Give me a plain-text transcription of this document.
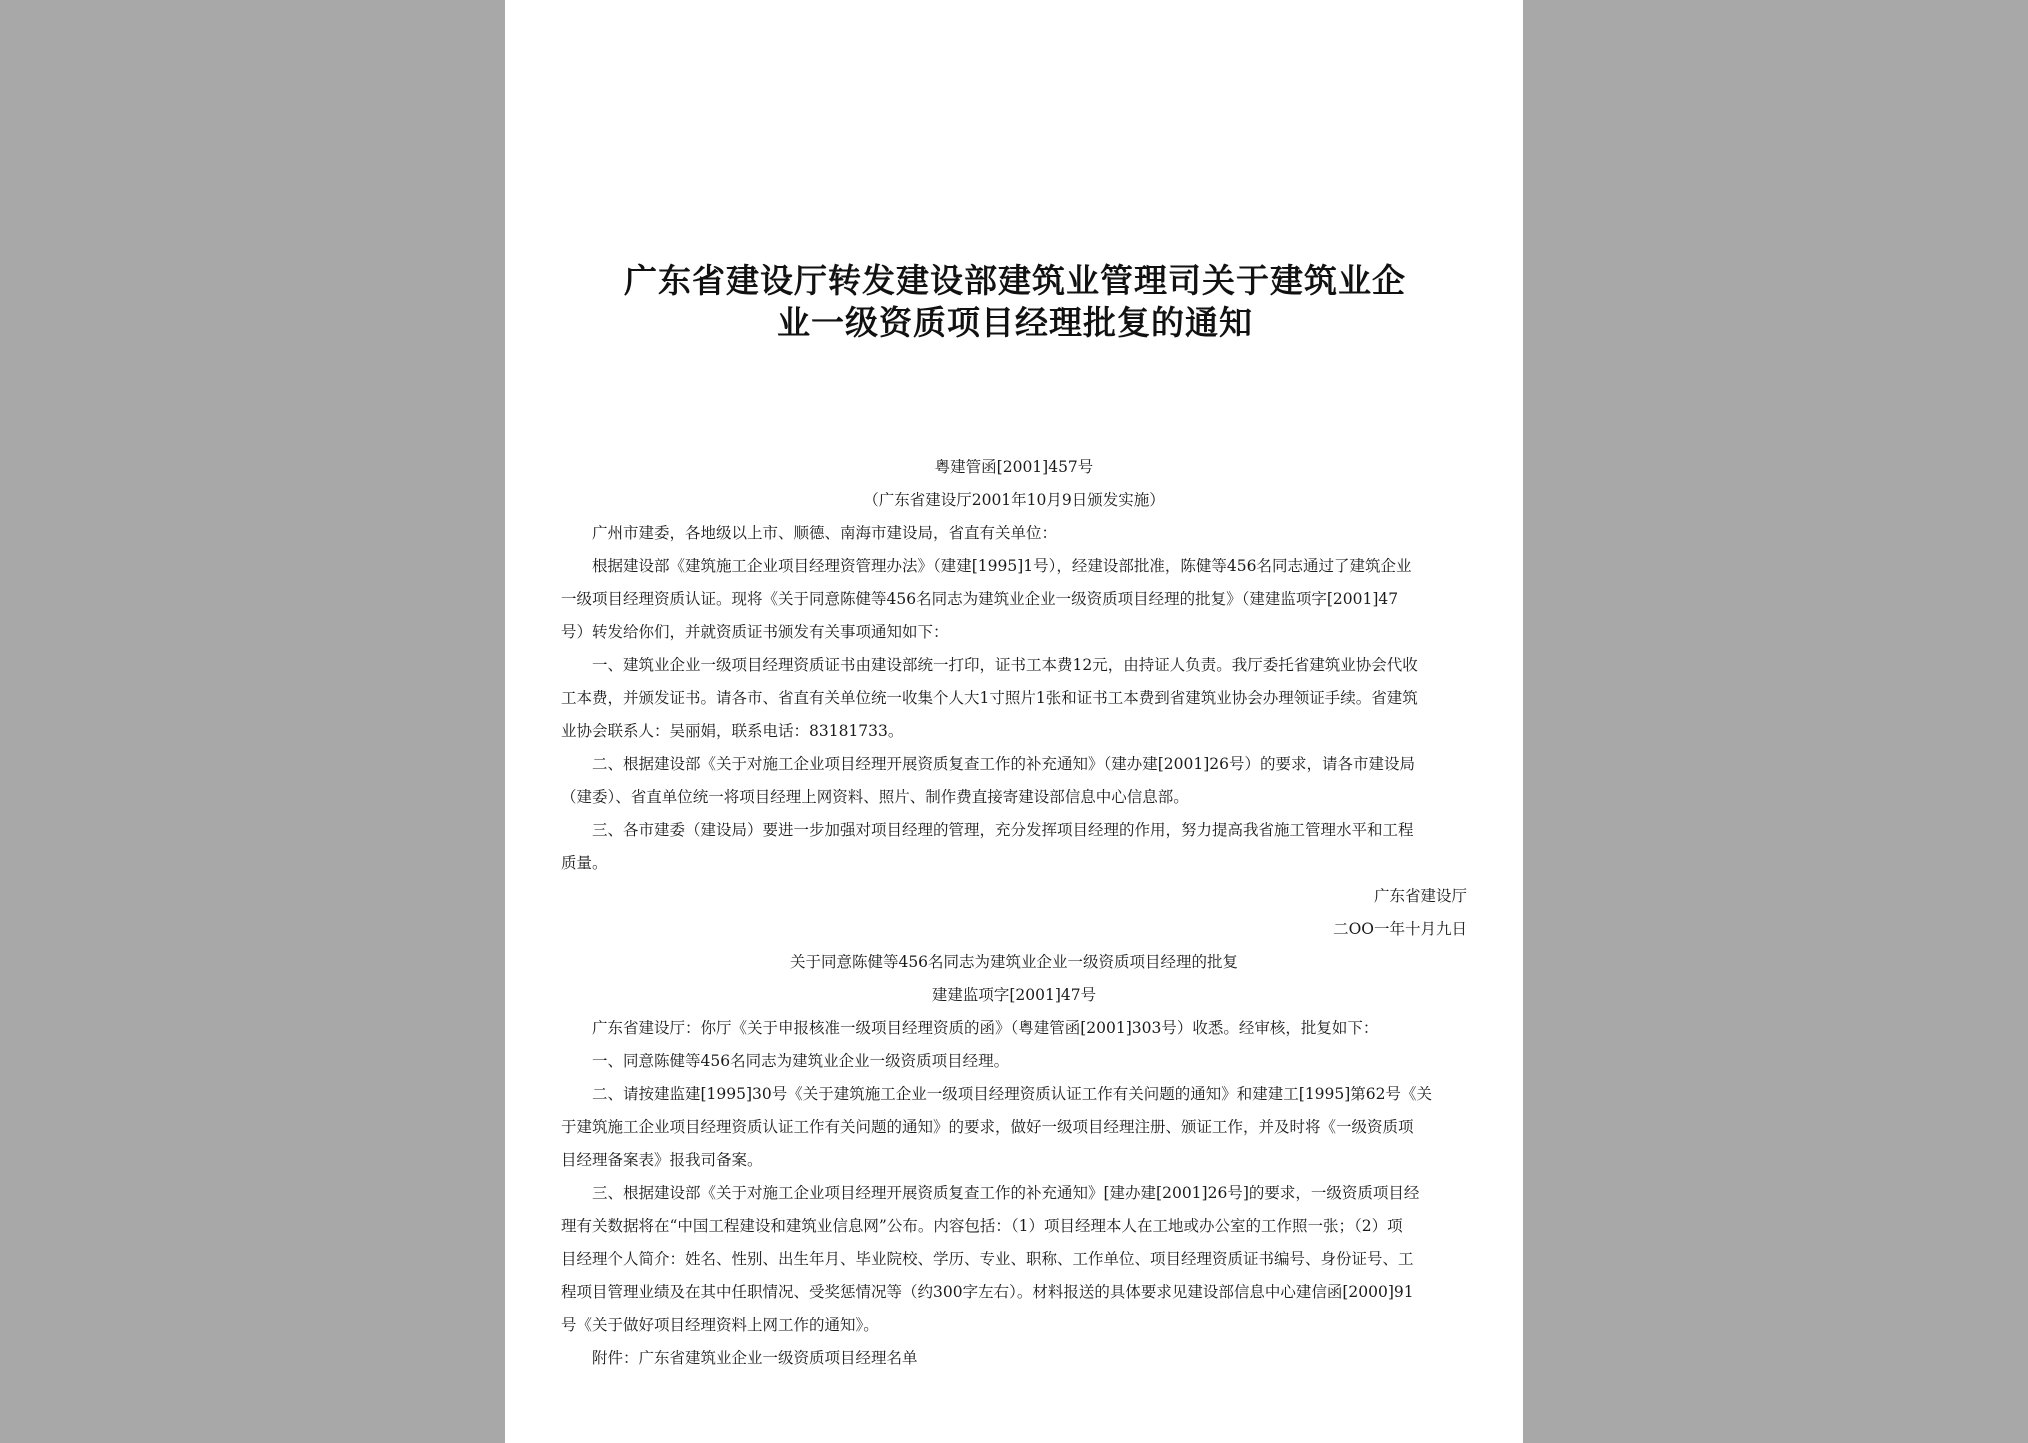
广东省建设厅转发建设部建筑业管理司关于建筑业企
业一级资质项目经理批复的通知

粤建管函[2001]457号

（广东省建设厅2001年10月9日颁发实施）

广州市建委，各地级以上市、顺德、南海市建设局，省直有关单位：

根据建设部《建筑施工企业项目经理资管理办法》（建建[1995]1号），经建设部批准，陈健等456名同志通过了建筑企业
一级项目经理资质认证。现将《关于同意陈健等456名同志为建筑业企业一级资质项目经理的批复》（建建监项字[2001]47
号）转发给你们，并就资质证书颁发有关事项通知如下：

一、建筑业企业一级项目经理资质证书由建设部统一打印，证书工本费12元，由持证人负责。我厅委托省建筑业协会代收
工本费，并颁发证书。请各市、省直有关单位统一收集个人大1寸照片1张和证书工本费到省建筑业协会办理领证手续。省建筑
业协会联系人：吴丽娟，联系电话：83181733。

二、根据建设部《关于对施工企业项目经理开展资质复查工作的补充通知》（建办建[2001]26号）的要求，请各市建设局
（建委）、省直单位统一将项目经理上网资料、照片、制作费直接寄建设部信息中心信息部。

三、各市建委（建设局）要进一步加强对项目经理的管理，充分发挥项目经理的作用，努力提高我省施工管理水平和工程
质量。

广东省建设厅

二OO一年十月九日

关于同意陈健等456名同志为建筑业企业一级资质项目经理的批复

建建监项字[2001]47号

广东省建设厅：你厅《关于申报核准一级项目经理资质的函》（粤建管函[2001]303号）收悉。经审核，批复如下：

一、同意陈健等456名同志为建筑业企业一级资质项目经理。

二、请按建监建[1995]30号《关于建筑施工企业一级项目经理资质认证工作有关问题的通知》和建建工[1995]第62号《关
于建筑施工企业项目经理资质认证工作有关问题的通知》的要求，做好一级项目经理注册、颁证工作，并及时将《一级资质项
目经理备案表》报我司备案。

三、根据建设部《关于对施工企业项目经理开展资质复查工作的补充通知》[建办建[2001]26号]的要求，一级资质项目经
理有关数据将在“中国工程建设和建筑业信息网”公布。内容包括：（1）项目经理本人在工地或办公室的工作照一张；（2）项
目经理个人简介：姓名、性别、出生年月、毕业院校、学历、专业、职称、工作单位、项目经理资质证书编号、身份证号、工
程项目管理业绩及在其中任职情况、受奖惩情况等（约300字左右）。材料报送的具体要求见建设部信息中心建信函[2000]91
号《关于做好项目经理资料上网工作的通知》。

附件：广东省建筑业企业一级资质项目经理名单
